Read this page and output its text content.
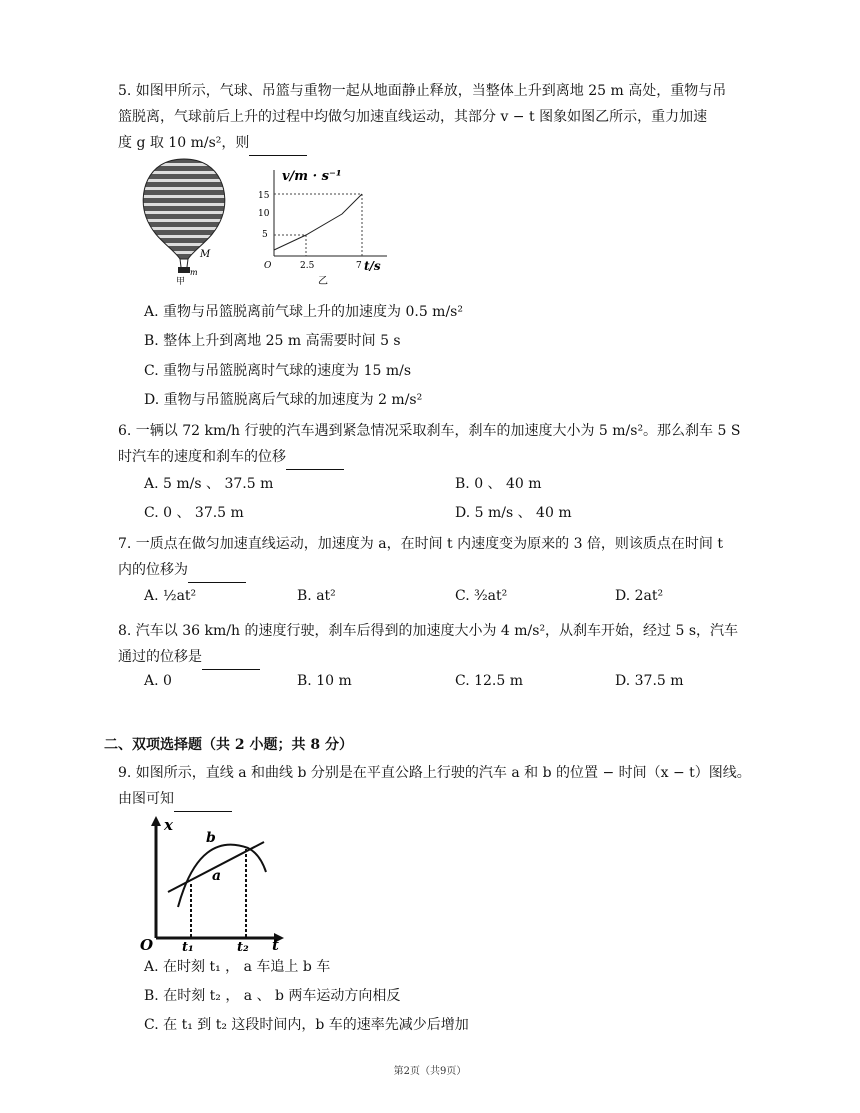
5. 如图甲所示，气球、吊篮与重物一起从地面静止释放，当整体上升到离地 25 m 高处，重物与吊
篮脱离，气球前后上升的过程中均做匀加速直线运动，其部分 v − t 图象如图乙所示，重力加速
度 g 取 10 m/s²，则
M
m
甲
v/m · s⁻¹
t/s
15
10
5
O	2.5	7
乙
A. 重物与吊篮脱离前气球上升的加速度为 0.5 m/s²
B. 整体上升到离地 25 m 高需要时间 5 s
C. 重物与吊篮脱离时气球的速度为 15 m/s
D. 重物与吊篮脱离后气球的加速度为 2 m/s²
6. 一辆以 72 km/h 行驶的汽车遇到紧急情况采取刹车，刹车的加速度大小为 5 m/s²。那么刹车 5 S
时汽车的速度和刹车的位移
A. 5 m/s 、 37.5 m	B. 0 、 40 m
C. 0 、 37.5 m	D. 5 m/s 、 40 m
7. 一质点在做匀加速直线运动，加速度为 a，在时间 t 内速度变为原来的 3 倍，则该质点在时间 t
内的位移为
A. ½at²	B. at²	C. ³⁄₂at²	D. 2at²
8. 汽车以 36 km/h 的速度行驶，刹车后得到的加速度大小为 4 m/s²，从刹车开始，经过 5 s，汽车
通过的位移是
A. 0	B. 10 m	C. 12.5 m	D. 37.5 m
二、双项选择题（共 2 小题；共 8 分）
9. 如图所示，直线 a 和曲线 b 分别是在平直公路上行驶的汽车 a 和 b 的位置 − 时间（x − t）图线。
由图可知
x
t
O
b
a
t₁	t₂
A. 在时刻 t₁ ， a 车追上 b 车
B. 在时刻 t₂ ， a 、 b 两车运动方向相反
C. 在 t₁ 到 t₂ 这段时间内，b 车的速率先减少后增加
第2页（共9页）
